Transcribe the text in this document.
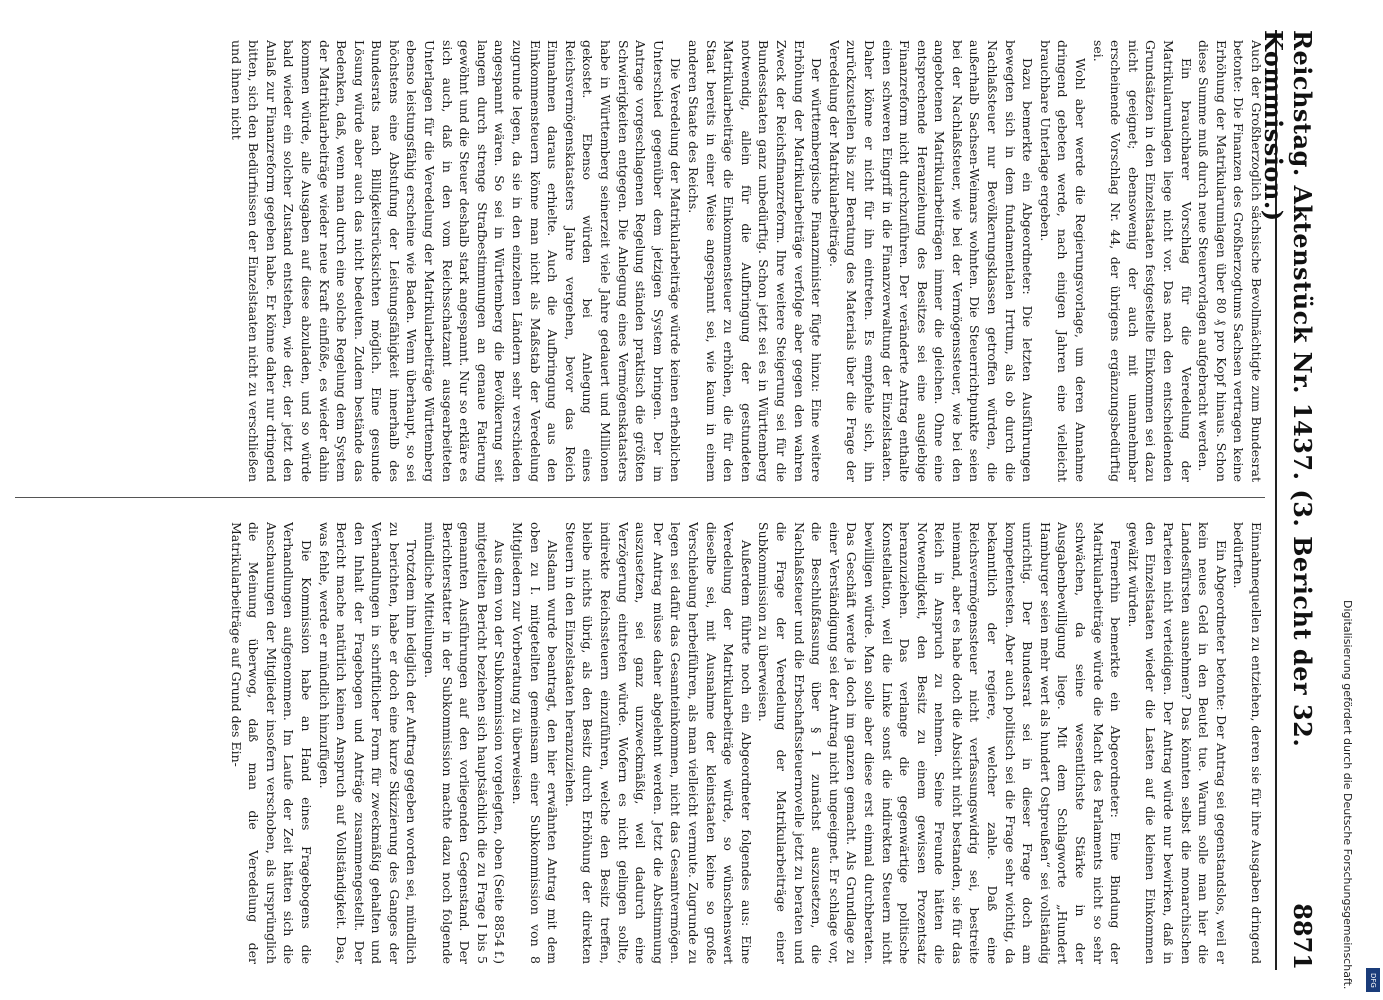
Reichstag. Aktenstück Nr. 1437. (3. Bericht der 32. Kommission.)
8871

Auch der Großherzoglich sächsische Bevollmächtigte zum Bundesrat betonte: Die Finanzen des Großherzogtums Sachsen vertragen keine Erhöhung der Matrikularumlagen über 80 ₰ pro Kopf hinaus. Schon diese Summe muß durch neue Steuervorlagen aufgebracht werden.

Ein brauchbarer Vorschlag für die Veredelung der Matrikularumlagen liege nicht vor. Das nach den entscheidenden Grundsätzen in den Einzelstaaten festgestellte Einkommen sei dazu nicht geeignet; ebensowenig der auch mit unannehmbar erscheinende Vorschlag Nr. 44, der übrigens ergänzungsbedürftig sei.

Wohl aber werde die Regierungsvorlage, um deren Annahme dringend gebeten werde, nach einigen Jahren eine vielleicht brauchbare Unterlage ergeben.

Dazu bemerkte ein Abgeordneter: Die letzten Ausführungen bewegten sich in dem fundamentalen Irrtum, als ob durch die Nachlaßsteuer nur Bevölkerungsklassen getroffen würden, die außerhalb Sachsen-Weimars wohnten. Die Steuerrichtpunkte seien bei der Nachlaßsteuer, wie bei der Vermögenssteuer, wie bei den angebotenen Matrikularbeiträgen immer die gleichen. Ohne eine entsprechende Heranziehung des Besitzes sei eine ausgiebige Finanzreform nicht durchzuführen. Der veränderte Antrag enthalte einen schweren Eingriff in die Finanzverwaltung der Einzelstaaten. Daher könne er nicht für ihn eintreten. Es empfehle sich, ihn zurückzustellen bis zur Beratung des Materials über die Frage der Veredelung der Matrikularbeiträge.

Der württembergische Finanzminister fügte hinzu: Eine weitere Erhöhung der Matrikularbeiträge verfolge aber gegen den wahren Zweck der Reichsfinanzreform. Ihre weitere Steigerung sei für die Bundesstaaten ganz unbedürftig. Schon jetzt sei es in Württemberg notwendig, allein für die Aufbringung der gestundeten Matrikularbeiträge die Einkommensteuer zu erhöhen, die für den Staat bereits in einer Weise angespannt sei, wie kaum in einem anderen Staate des Reichs.

Die Veredelung der Matrikularbeiträge würde keinen erheblichen Unterschied gegenüber dem jetzigen System bringen. Der im Antrage vorgeschlagenen Regelung ständen praktisch die größten Schwierigkeiten entgegen. Die Anlegung eines Vermögenskatasters habe in Württemberg seinerzeit viele Jahre gedauert und Millionen gekostet. Ebenso würden bei Anlegung eines Reichsvermögenskatasters Jahre vergehen, bevor das Reich Einnahmen daraus erhielte. Auch die Aufbringung aus den Einkommensteuern könne man nicht als Maßstab der Veredelung zugrunde legen, da sie in den einzelnen Ländern sehr verschieden angespannt wären. So sei in Württemberg die Bevölkerung seit langem durch strenge Strafbestimmungen an genaue Fatierung gewöhnt und die Steuer deshalb stark angespannt. Nur so erkläre es sich auch, daß in den vom Reichsschatzamt ausgearbeiteten Unterlagen für die Veredelung der Matrikularbeiträge Württemberg ebenso leistungsfähig erscheine wie Baden. Wenn überhaupt, so sei höchstens eine Abstufung der Leistungsfähigkeit innerhalb des Bundesrats nach Billigkeitsrücksichten möglich. Eine gesunde Lösung würde aber auch das nicht bedeuten. Zudem bestände das Bedenken, daß, wenn man durch eine solche Regelung dem System der Matrikularbeiträge wieder neue Kraft einflöße, es wieder dahin kommen würde, alle Ausgaben auf diese abzuladen, und so würde bald wieder ein solcher Zustand entstehen, wie der, der jetzt den Anlaß zur Finanzreform gegeben habe. Er könne daher nur dringend bitten, sich den Bedürfnissen der Einzelstaaten nicht zu verschließen und ihnen nicht

Einnahmequellen zu entziehen, deren sie für ihre Ausgaben dringend bedürften.

Ein Abgeordneter betonte: Der Antrag sei gegenstandslos, weil er kein neues Geld in den Beutel tue. Warum solle man hier die Landesfürsten ausnehmen? Das könnten selbst die monarchischen Parteien nicht verteidigen. Der Antrag würde nur bewirken, daß in den Einzelstaaten wieder die Lasten auf die kleinen Einkommen gewälzt würden.

Fernerhin bemerkte ein Abgeordneter: Eine Bindung der Matrikularbeiträge würde die Macht des Parlaments nicht so sehr schwächen, da seine wesentlichste Stärke in der Ausgabenbewilligung liege. Mit dem Schlagworte „Hundert Hamburger seien mehr wert als hundert Ostpreußen“ sei vollständig unrichtig. Der Bundesrat sei in dieser Frage doch am kompetentesten. Aber auch politisch sei die Frage sehr wichtig, da bekanntlich der regiere, welcher zahle. Daß eine Reichsvermögenssteuer nicht verfassungswidrig sei, bestreite niemand, aber es habe doch die Absicht nicht bestanden, sie für das Reich in Anspruch zu nehmen. Seine Freunde hätten die Notwendigkeit, den Besitz zu einem gewissen Prozentsatz heranzuziehen. Das verlange die gegenwärtige politische Konstellation, weil die Linke sonst die indirekten Steuern nicht bewilligen würde. Man solle aber diese erst einmal durchberaten. Das Geschäft werde ja doch im ganzen gemacht. Als Grundlage zu einer Verständigung sei der Antrag nicht ungeeignet. Er schlage vor, die Beschlußfassung über § 1 zunächst auszusetzen, die Nachlaßsteuer und die Erbschaftssteuernovelle jetzt zu beraten und die Frage der Veredelung der Matrikularbeiträge einer Subkommission zu überweisen.

Außerdem führte noch ein Abgeordneter folgendes aus: Eine Veredelung der Matrikularbeiträge würde, so wünschenswert dieselbe sei, mit Ausnahme der kleinstaaten keine so große Verschiebung herbeiführen, als man vielleicht vermute. Zugrunde zu legen sei dafür das Gesamteinkommen, nicht das Gesamtvermögen. Der Antrag müsse daher abgelehnt werden. Jetzt die Abstimmung auszusetzen, sei ganz unzweckmäßig, weil dadurch eine Verzögerung eintreten würde. Wofern es nicht gelingen sollte, indirekte Reichssteuern einzuführen, welche den Besitz treffen, bleibe nichts übrig, als den Besitz durch Erhöhung der direkten Steuern in den Einzelstaaten heranzuziehen.

Alsdann wurde beantragt, den hier erwähnten Antrag mit dem oben zu I. mitgeteilten gemeinsam einer Subkommission von 8 Mitgliedern zur Vorberatung zu überweisen.

Aus dem von der Subkommission vorgelegten, oben (Seite 8854 f.) mitgeteilten Bericht beziehen sich hauptsächlich die zu Frage I bis 5 genannten Ausführungen auf den vorliegenden Gegenstand. Der Berichterstatter in der Subkommission machte dazu noch folgende mündliche Mitteilungen.

Trotzdem ihm lediglich der Auftrag gegeben worden sei, mündlich zu berichten, habe er doch eine kurze Skizzierung des Ganges der Verhandlungen in schriftlicher Form für zweckmäßig gehalten und den Inhalt der Fragebogen und Anträge zusammengestellt. Der Bericht mache natürlich keinen Anspruch auf Vollständigkeit. Das, was fehle, werde er mündlich hinzufügen.

Die Kommission habe an Hand eines Fragebogens die Verhandlungen aufgenommen. Im Laufe der Zeit hätten sich die Anschauungen der Mitglieder insofern verschoben, als ursprünglich die Meinung überwog, daß man die Veredelung der Matrikularbeiträge auf Grund des Ein-	Digitalisierung gefördert durch die Deutsche Forschungsgemeinschaft.	DFG
